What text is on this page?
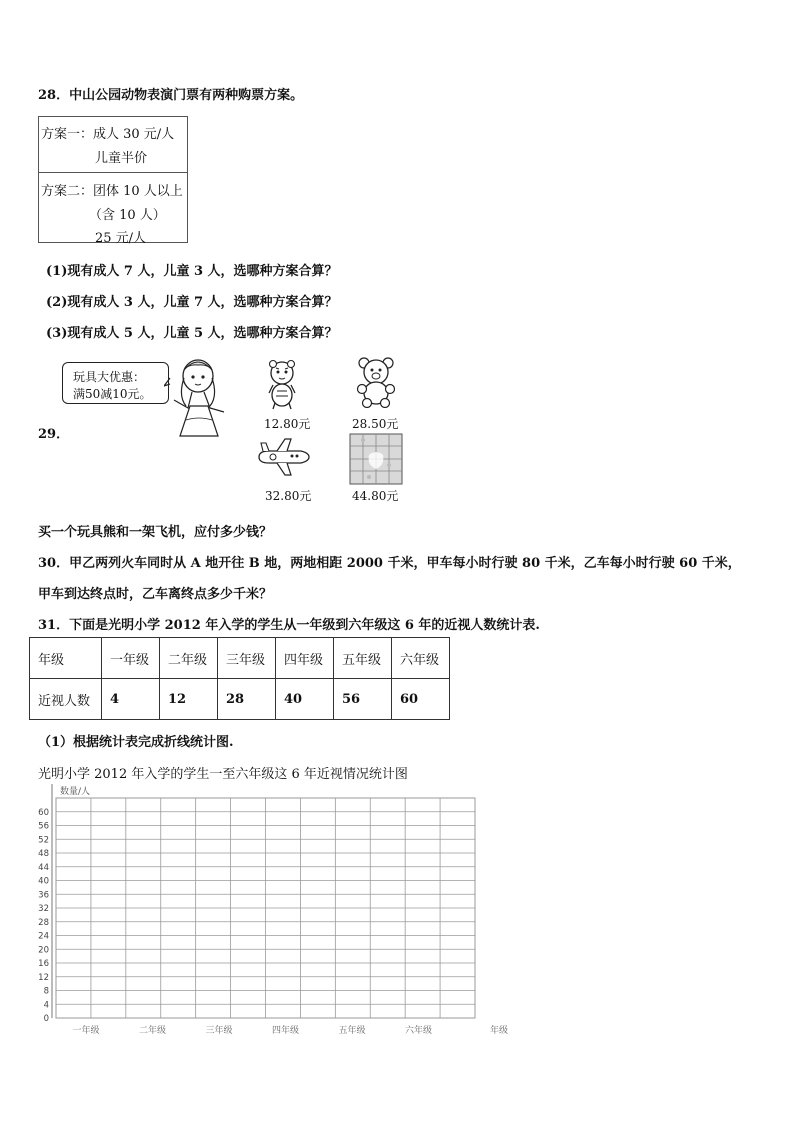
28．中山公园动物表演门票有两种购票方案。
方案一：成人 30 元/人
儿童半价
方案二：团体 10 人以上
（含 10 人）
25 元/人
(1)现有成人 7 人，儿童 3 人，选哪种方案合算？
(2)现有成人 3 人，儿童 7 人，选哪种方案合算？
(3)现有成人 5 人，儿童 5 人，选哪种方案合算？
29．
玩具大优惠：
满50减10元。
12.80元	28.50元
32.80元	44.80元
买一个玩具熊和一架飞机，应付多少钱？
30．甲乙两列火车同时从 A 地开往 B 地，两地相距 2000 千米，甲车每小时行驶 80 千米，乙车每小时行驶 60 千米，
甲车到达终点时，乙车离终点多少千米？
31．下面是光明小学 2012 年入学的学生从一年级到六年级这 6 年的近视人数统计表.
年级	一年级	二年级	三年级	四年级	五年级	六年级
近视人数	4	12	28	40	56	60
（1）根据统计表完成折线统计图.
光明小学 2012 年入学的学生一至六年级这 6 年近视情况统计图
0
4
8
12
16
20
24
28
32
36
40
44
48
52
56
60
一年级	二年级	三年级	四年级	五年级	六年级	年级
数量/人
